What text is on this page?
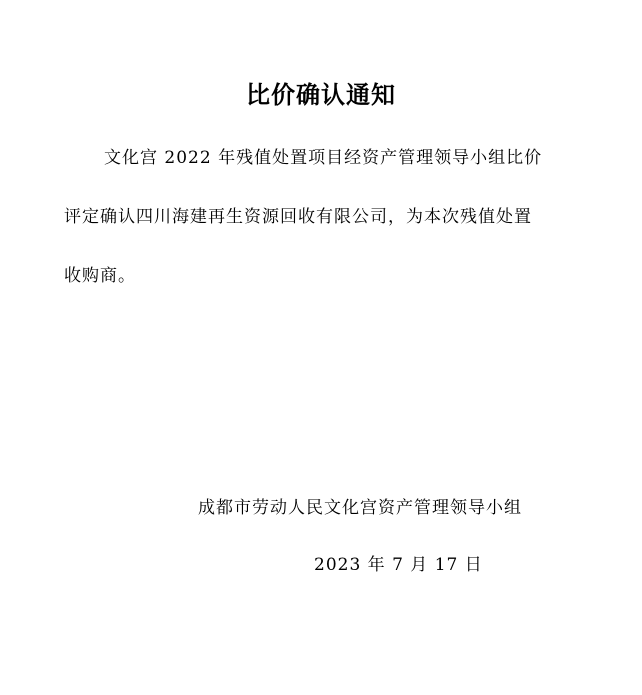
比价确认通知
文化宫 2022 年残值处置项目经资产管理领导小组比价
评定确认四川海建再生资源回收有限公司，为本次残值处置
收购商。
成都市劳动人民文化宫资产管理领导小组
2023 年 7 月 17 日
